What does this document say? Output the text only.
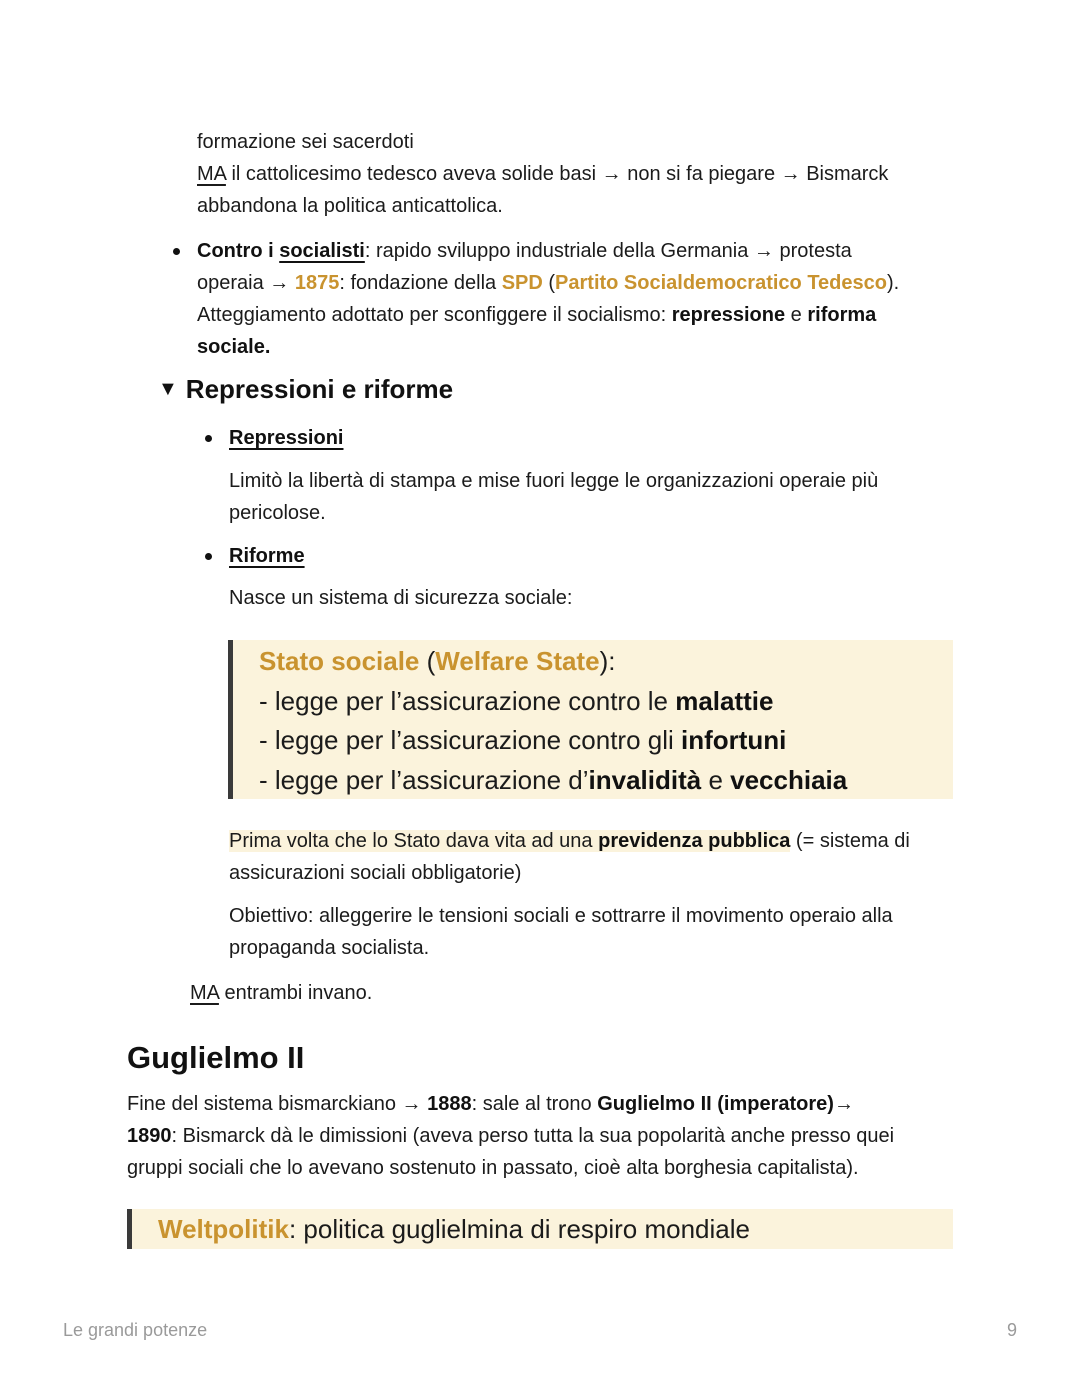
formazione sei sacerdoti

MA il cattolicesimo tedesco aveva solide basi → non si fa piegare → Bismarck

abbandona la politica anticattolica.

Contro i socialisti: rapido sviluppo industriale della Germania → protesta

operaia → 1875: fondazione della SPD (Partito Socialdemocratico Tedesco).

Atteggiamento adottato per sconfiggere il socialismo: repressione e riforma

sociale.

▼ Repressioni e riforme

Repressioni

Limitò la libertà di stampa e mise fuori legge le organizzazioni operaie più

pericolose.

Riforme

Nasce un sistema di sicurezza sociale:

Stato sociale (Welfare State):

- legge per l’assicurazione contro le malattie

- legge per l’assicurazione contro gli infortuni

- legge per l’assicurazione d’invalidità e vecchiaia

Prima volta che lo Stato dava vita ad una previdenza pubblica (= sistema di

assicurazioni sociali obbligatorie)

Obiettivo: alleggerire le tensioni sociali e sottrarre il movimento operaio alla

propaganda socialista.

MA entrambi invano.

Guglielmo II

Fine del sistema bismarckiano → 1888: sale al trono Guglielmo II (imperatore)→

1890: Bismarck dà le dimissioni (aveva perso tutta la sua popolarità anche presso quei

gruppi sociali che lo avevano sostenuto in passato, cioè alta borghesia capitalista).

Weltpolitik: politica guglielmina di respiro mondiale

Le grandi potenze	9
